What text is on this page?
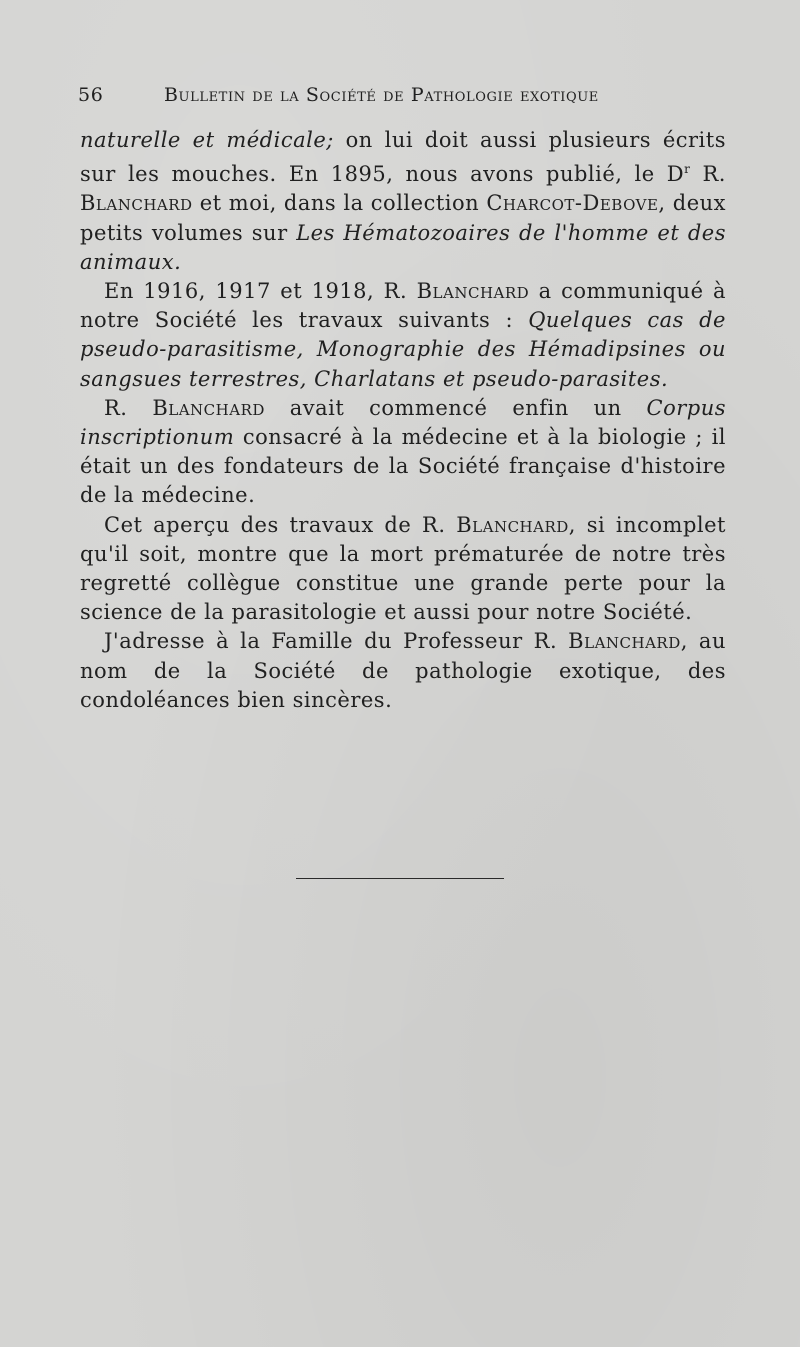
56	Bulletin de la Société de Pathologie exotique

naturelle et médicale; on lui doit aussi plusieurs écrits sur les mouches. En 1895, nous avons publié, le $D^r$ R. Blanchard et moi, dans la collection Charcot-Debove, deux petits volumes sur Les Hématozoaires de l'homme et des animaux.

En 1916, 1917 et 1918, R. Blanchard a communiqué à notre Société les travaux suivants : Quelques cas de pseudo-parasitisme, Monographie des Hémadipsines ou sangsues terrestres, Charlatans et pseudo-parasites.

R. Blanchard avait commencé enfin un Corpus inscriptionum consacré à la médecine et à la biologie ; il était un des fondateurs de la Société française d'histoire de la médecine.

Cet aperçu des travaux de R. Blanchard, si incomplet qu'il soit, montre que la mort prématurée de notre très regretté collègue constitue une grande perte pour la science de la parasitologie et aussi pour notre Société.

J'adresse à la Famille du Professeur R. Blanchard, au nom de la Société de pathologie exotique, des condoléances bien sincères.
